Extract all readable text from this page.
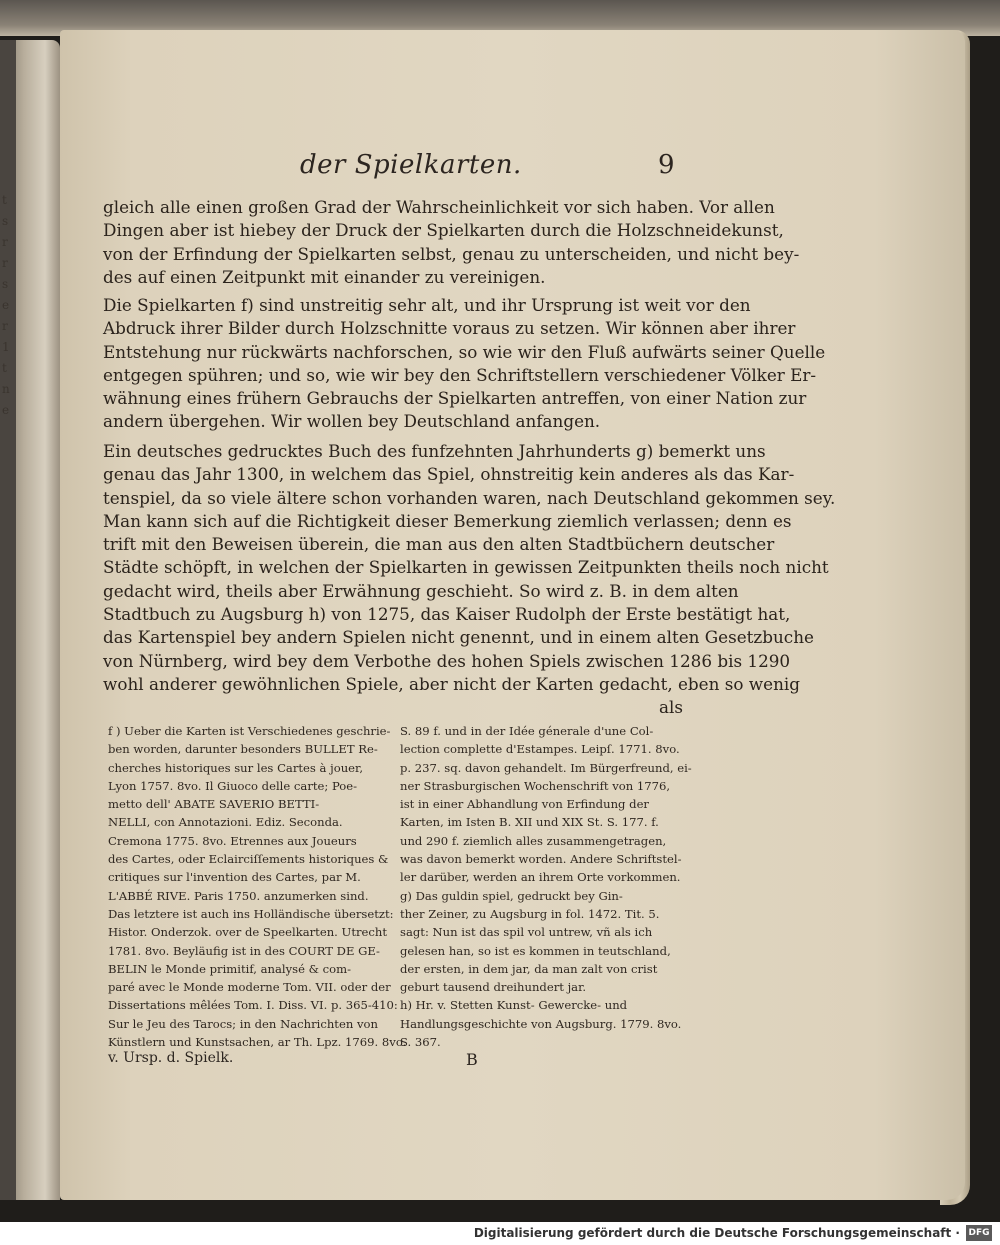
t
s
r
r
s
e
r
1
t
n
e
der Spielkarten.	9
gleich alle einen großen Grad der Wahrscheinlichkeit vor sich haben. Vor allen
Dingen aber ist hiebey der Druck der Spielkarten durch die Holzschneidekunst,
von der Erfindung der Spielkarten selbst, genau zu unterscheiden, und nicht bey-
des auf einen Zeitpunkt mit einander zu vereinigen.
Die Spielkarten f) sind unstreitig sehr alt, und ihr Ursprung ist weit vor den
Abdruck ihrer Bilder durch Holzschnitte voraus zu setzen. Wir können aber ihrer
Entstehung nur rückwärts nachforschen, so wie wir den Fluß aufwärts seiner Quelle
entgegen spühren; und so, wie wir bey den Schriftstellern verschiedener Völker Er-
wähnung eines frühern Gebrauchs der Spielkarten antreffen, von einer Nation zur
andern übergehen. Wir wollen bey Deutschland anfangen.
Ein deutsches gedrucktes Buch des funfzehnten Jahrhunderts g) bemerkt uns
genau das Jahr 1300, in welchem das Spiel, ohnstreitig kein anderes als das Kar-
tenspiel, da so viele ältere schon vorhanden waren, nach Deutschland gekommen sey.
Man kann sich auf die Richtigkeit dieser Bemerkung ziemlich verlassen; denn es
trift mit den Beweisen überein, die man aus den alten Stadtbüchern deutscher
Städte schöpft, in welchen der Spielkarten in gewissen Zeitpunkten theils noch nicht
gedacht wird, theils aber Erwähnung geschieht. So wird z. B. in dem alten
Stadtbuch zu Augsburg h) von 1275, das Kaiser Rudolph der Erste bestätigt hat,
das Kartenspiel bey andern Spielen nicht genennt, und in einem alten Gesetzbuche
von Nürnberg, wird bey dem Verbothe des hohen Spiels zwischen 1286 bis 1290
wohl anderer gewöhnlichen Spiele, aber nicht der Karten gedacht, eben so wenig
als
f ) Ueber die Karten ist Verschiedenes geschrie-
ben worden, darunter besonders BULLET Re-
cherches historiques sur les Cartes à jouer,
Lyon 1757. 8vo. Il Giuoco delle carte; Poe-
metto dell' ABATE SAVERIO BETTI-
NELLI, con Annotazioni. Ediz. Seconda.
Cremona 1775. 8vo. Etrennes aux Joueurs
des Cartes, oder Eclairciſſements historiques &
critiques sur l'invention des Cartes, par M.
L'ABBÉ RIVE. Paris 1750. anzumerken sind.
Das letztere ist auch ins Holländische übersetzt:
Histor. Onderzok. over de Speelkarten. Utrecht
1781. 8vo. Beyläufig ist in des COURT DE GE-
BELIN le Monde primitif, analysé & com-
paré avec le Monde moderne Tom. VII. oder der
Dissertations mêlées Tom. I. Diss. VI. p. 365-410:
Sur le Jeu des Tarocs; in den Nachrichten von
Künstlern und Kunstsachen, ar Th. Lpz. 1769. 8vo.
S. 89 f. und in der Idée génerale d'une Col-
lection complette d'Estampes. Leipſ. 1771. 8vo.
p. 237. sq. davon gehandelt. Im Bürgerfreund, ei-
ner Strasburgischen Wochenschrift von 1776,
ist in einer Abhandlung von Erfindung der
Karten, im Isten B. XII und XIX St. S. 177. f.
und 290 f. ziemlich alles zusammengetragen,
was davon bemerkt worden. Andere Schriftstel-
ler darüber, werden an ihrem Orte vorkommen.
g) Das guldin spiel, gedruckt bey Gin-
ther Zeiner, zu Augsburg in fol. 1472. Tit. 5.
sagt: Nun ist das spil vol untrew, vñ als ich
gelesen han, so ist es kommen in teutschland,
der ersten, in dem jar, da man zalt von crist
geburt tausend dreihundert jar.
h) Hr. v. Stetten Kunst- Gewercke- und
Handlungsgeschichte von Augsburg. 1779. 8vo.
S. 367.
v. Ursp. d. Spielk.	B
Digitalisierung gefördert durch die Deutsche Forschungsgemeinschaft · DFG
